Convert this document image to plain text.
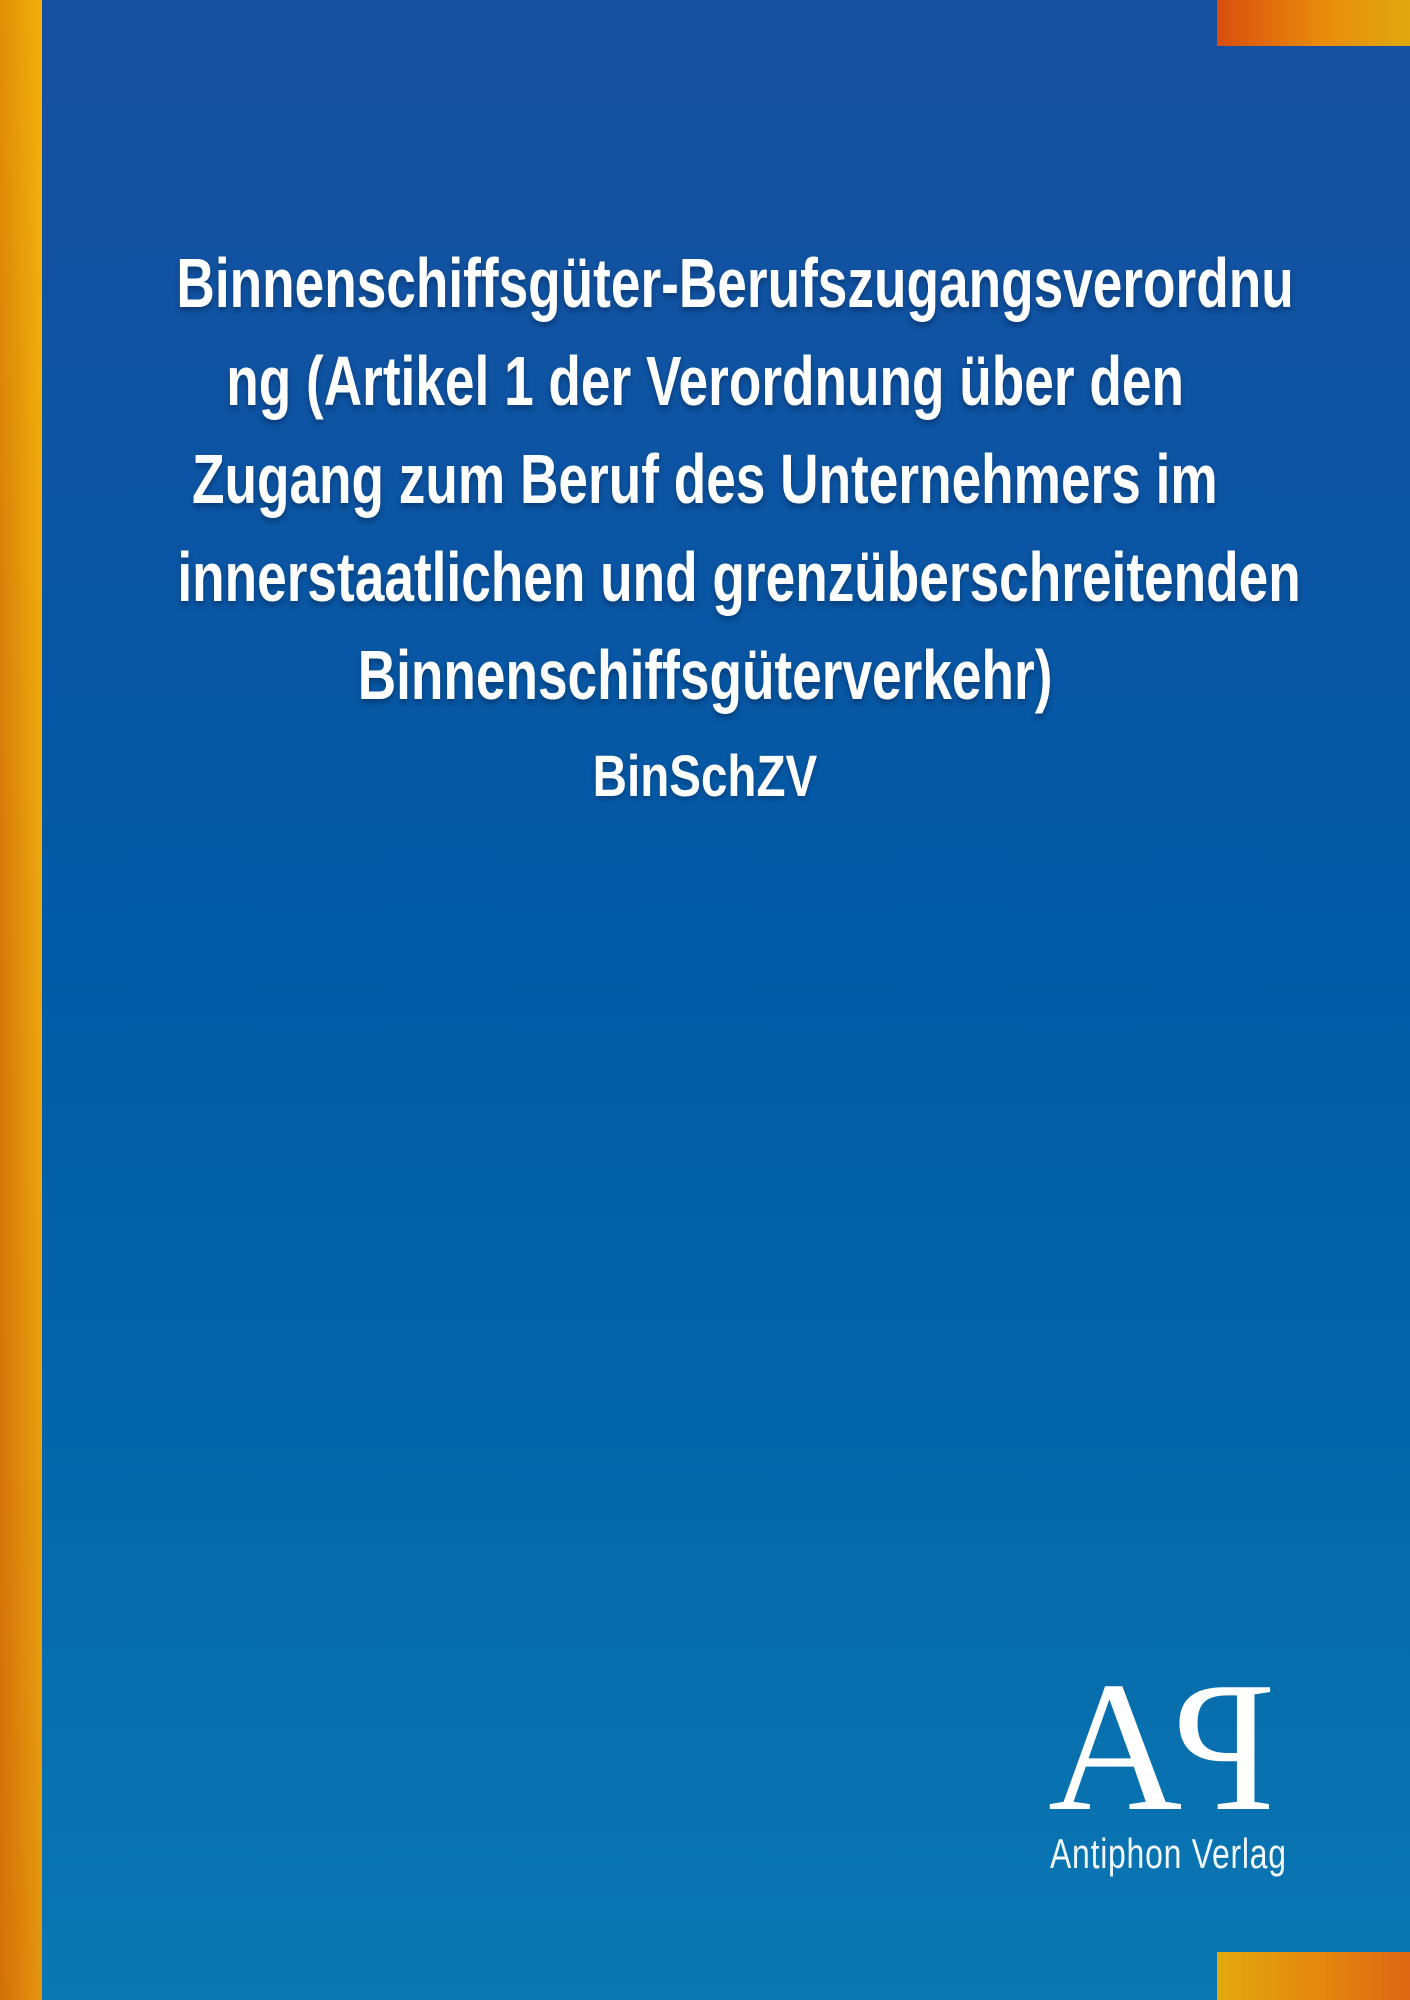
Binnenschiffsgüter-Berufszugangsverordnu
ng (Artikel 1 der Verordnung über den
Zugang zum Beruf des Unternehmers im
innerstaatlichen und grenzüberschreitenden
Binnenschiffsgüterverkehr)
BinSchZV
AP
Antiphon Verlag
